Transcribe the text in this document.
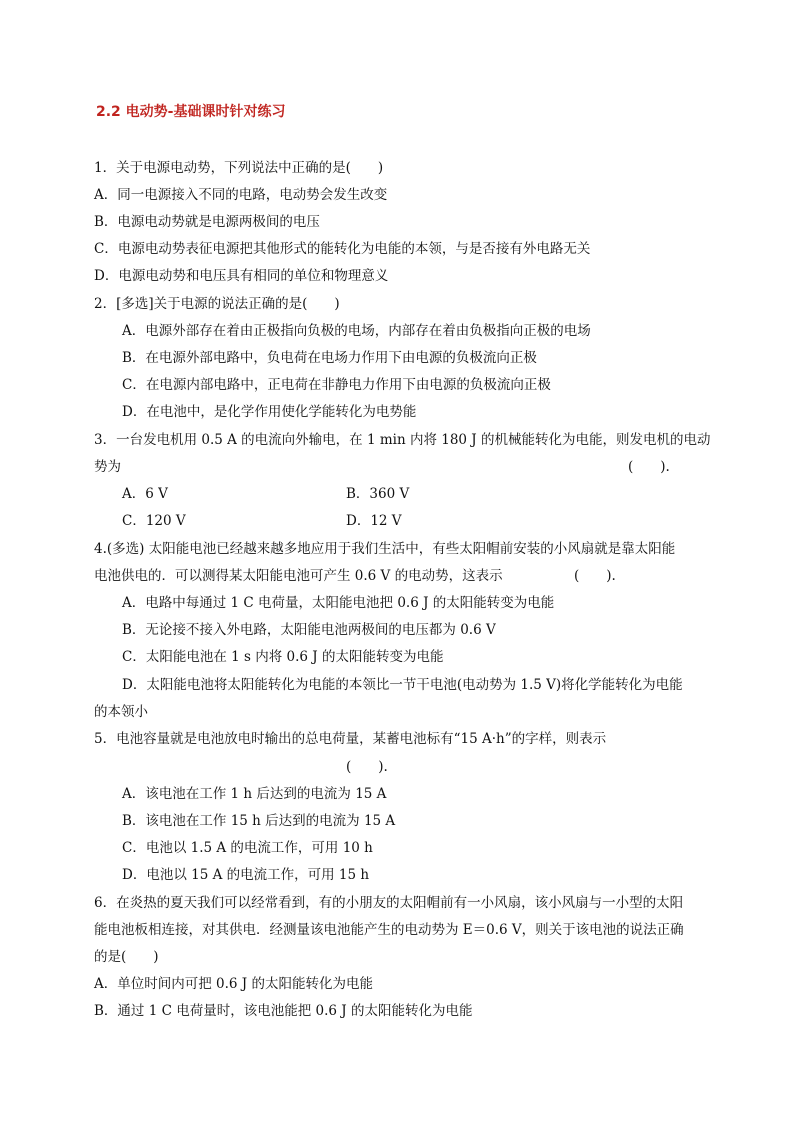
2.2 电动势-基础课时针对练习
1．关于电源电动势，下列说法中正确的是(　　)
A．同一电源接入不同的电路，电动势会发生改变
B．电源电动势就是电源两极间的电压
C．电源电动势表征电源把其他形式的能转化为电能的本领，与是否接有外电路无关
D．电源电动势和电压具有相同的单位和物理意义
2．[多选]关于电源的说法正确的是(　　)
A．电源外部存在着由正极指向负极的电场，内部存在着由负极指向正极的电场
B．在电源外部电路中，负电荷在电场力作用下由电源的负极流向正极
C．在电源内部电路中，正电荷在非静电力作用下由电源的负极流向正极
D．在电池中，是化学作用使化学能转化为电势能
3．一台发电机用 0.5 A 的电流向外输电，在 1 min 内将 180 J 的机械能转化为电能，则发电机的电动
势为	(　　).
A．6 V	B．360 V
C．120 V	D．12 V
4.(多选) 太阳能电池已经越来越多地应用于我们生活中，有些太阳帽前安装的小风扇就是靠太阳能
电池供电的．可以测得某太阳能电池可产生 0.6 V 的电动势，这表示	(　　).
A．电路中每通过 1 C 电荷量，太阳能电池把 0.6 J 的太阳能转变为电能
B．无论接不接入外电路，太阳能电池两极间的电压都为 0.6 V
C．太阳能电池在 1 s 内将 0.6 J 的太阳能转变为电能
D．太阳能电池将太阳能转化为电能的本领比一节干电池(电动势为 1.5 V)将化学能转化为电能
的本领小
5．电池容量就是电池放电时输出的总电荷量，某蓄电池标有“15 A·h”的字样，则表示
(　　).
A．该电池在工作 1 h 后达到的电流为 15 A
B．该电池在工作 15 h 后达到的电流为 15 A
C．电池以 1.5 A 的电流工作，可用 10 h
D．电池以 15 A 的电流工作，可用 15 h
6．在炎热的夏天我们可以经常看到，有的小朋友的太阳帽前有一小风扇，该小风扇与一小型的太阳
能电池板相连接，对其供电．经测量该电池能产生的电动势为 E＝0.6 V，则关于该电池的说法正确
的是(　　)
A．单位时间内可把 0.6 J 的太阳能转化为电能
B．通过 1 C 电荷量时，该电池能把 0.6 J 的太阳能转化为电能
